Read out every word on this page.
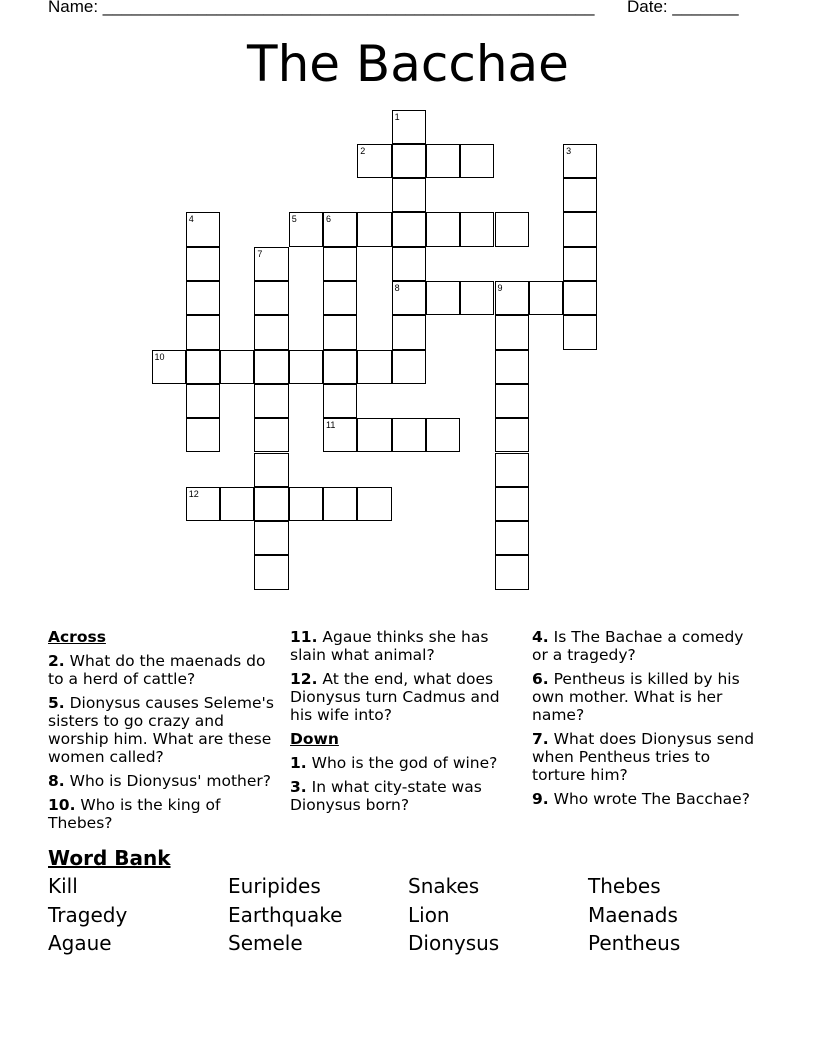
Name: ____________________________________________________ Date: _______
The Bacchae
1
8
2	3
4	5	6
7
9
10
11
12
Across
2. What do the maenads do to a herd of cattle?
5. Dionysus causes Seleme's sisters to go crazy and worship him. What are these women called?
8. Who is Dionysus' mother?
10. Who is the king of Thebes?
11. Agaue thinks she has slain what animal?
12. At the end, what does Dionysus turn Cadmus and his wife into?
Down
1. Who is the god of wine?
3. In what city-state was Dionysus born?
4. Is The Bachae a comedy or a tragedy?
6. Pentheus is killed by his own mother. What is her name?
7. What does Dionysus send when Pentheus tries to torture him?
9. Who wrote The Bacchae?
Word Bank
Kill	Euripides	Snakes	Thebes
Tragedy	Earthquake	Lion	Maenads
Agaue	Semele	Dionysus	Pentheus
